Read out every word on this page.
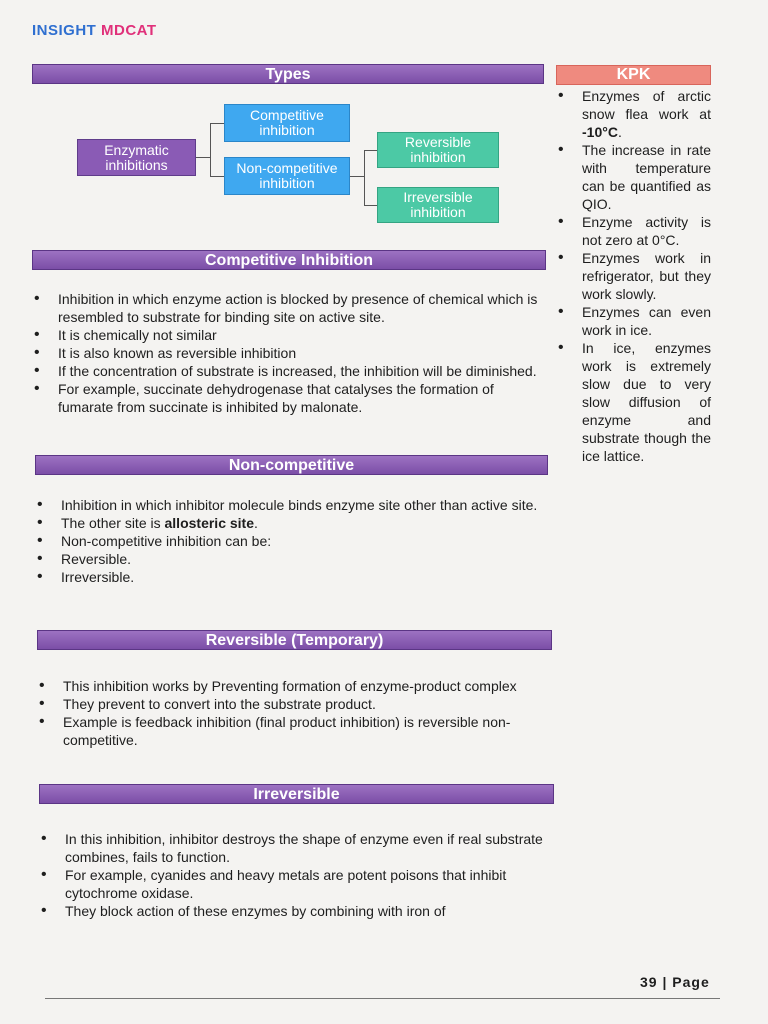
INSIGHT MDCAT
Types
Enzymatic inhibitions
Competitive inhibition
Non-competitive inhibition
Reversible inhibition
Irreversible inhibition
Competitive Inhibition
• Inhibition in which enzyme action is blocked by presence of chemical which is resembled to substrate for binding site on active site.
• It is chemically not similar
• It is also known as reversible inhibition
• If the concentration of substrate is increased, the inhibition will be diminished.
• For example, succinate dehydrogenase that catalyses the formation of fumarate from succinate is inhibited by malonate.
Non-competitive
• Inhibition in which inhibitor molecule binds enzyme site other than active site.
• The other site is allosteric site.
• Non-competitive inhibition can be:
• Reversible.
• Irreversible.
Reversible (Temporary)
• This inhibition works by Preventing formation of enzyme-product complex
• They prevent to convert into the substrate product.
• Example is feedback inhibition (final product inhibition) is reversible non-competitive.
Irreversible
• In this inhibition, inhibitor destroys the shape of enzyme even if real substrate combines, fails to function.
• For example, cyanides and heavy metals are potent poisons that inhibit cytochrome oxidase.
• They block action of these enzymes by combining with iron of
KPK
• Enzymes of arctic snow flea work at -10°C.
• The increase in rate with temperature can be quantified as QIO.
• Enzyme activity is not zero at 0°C.
• Enzymes work in refrigerator, but they work slowly.
• Enzymes can even work in ice.
• In ice, enzymes work is extremely slow due to very slow diffusion of enzyme and substrate though the ice lattice.
39 | Page
